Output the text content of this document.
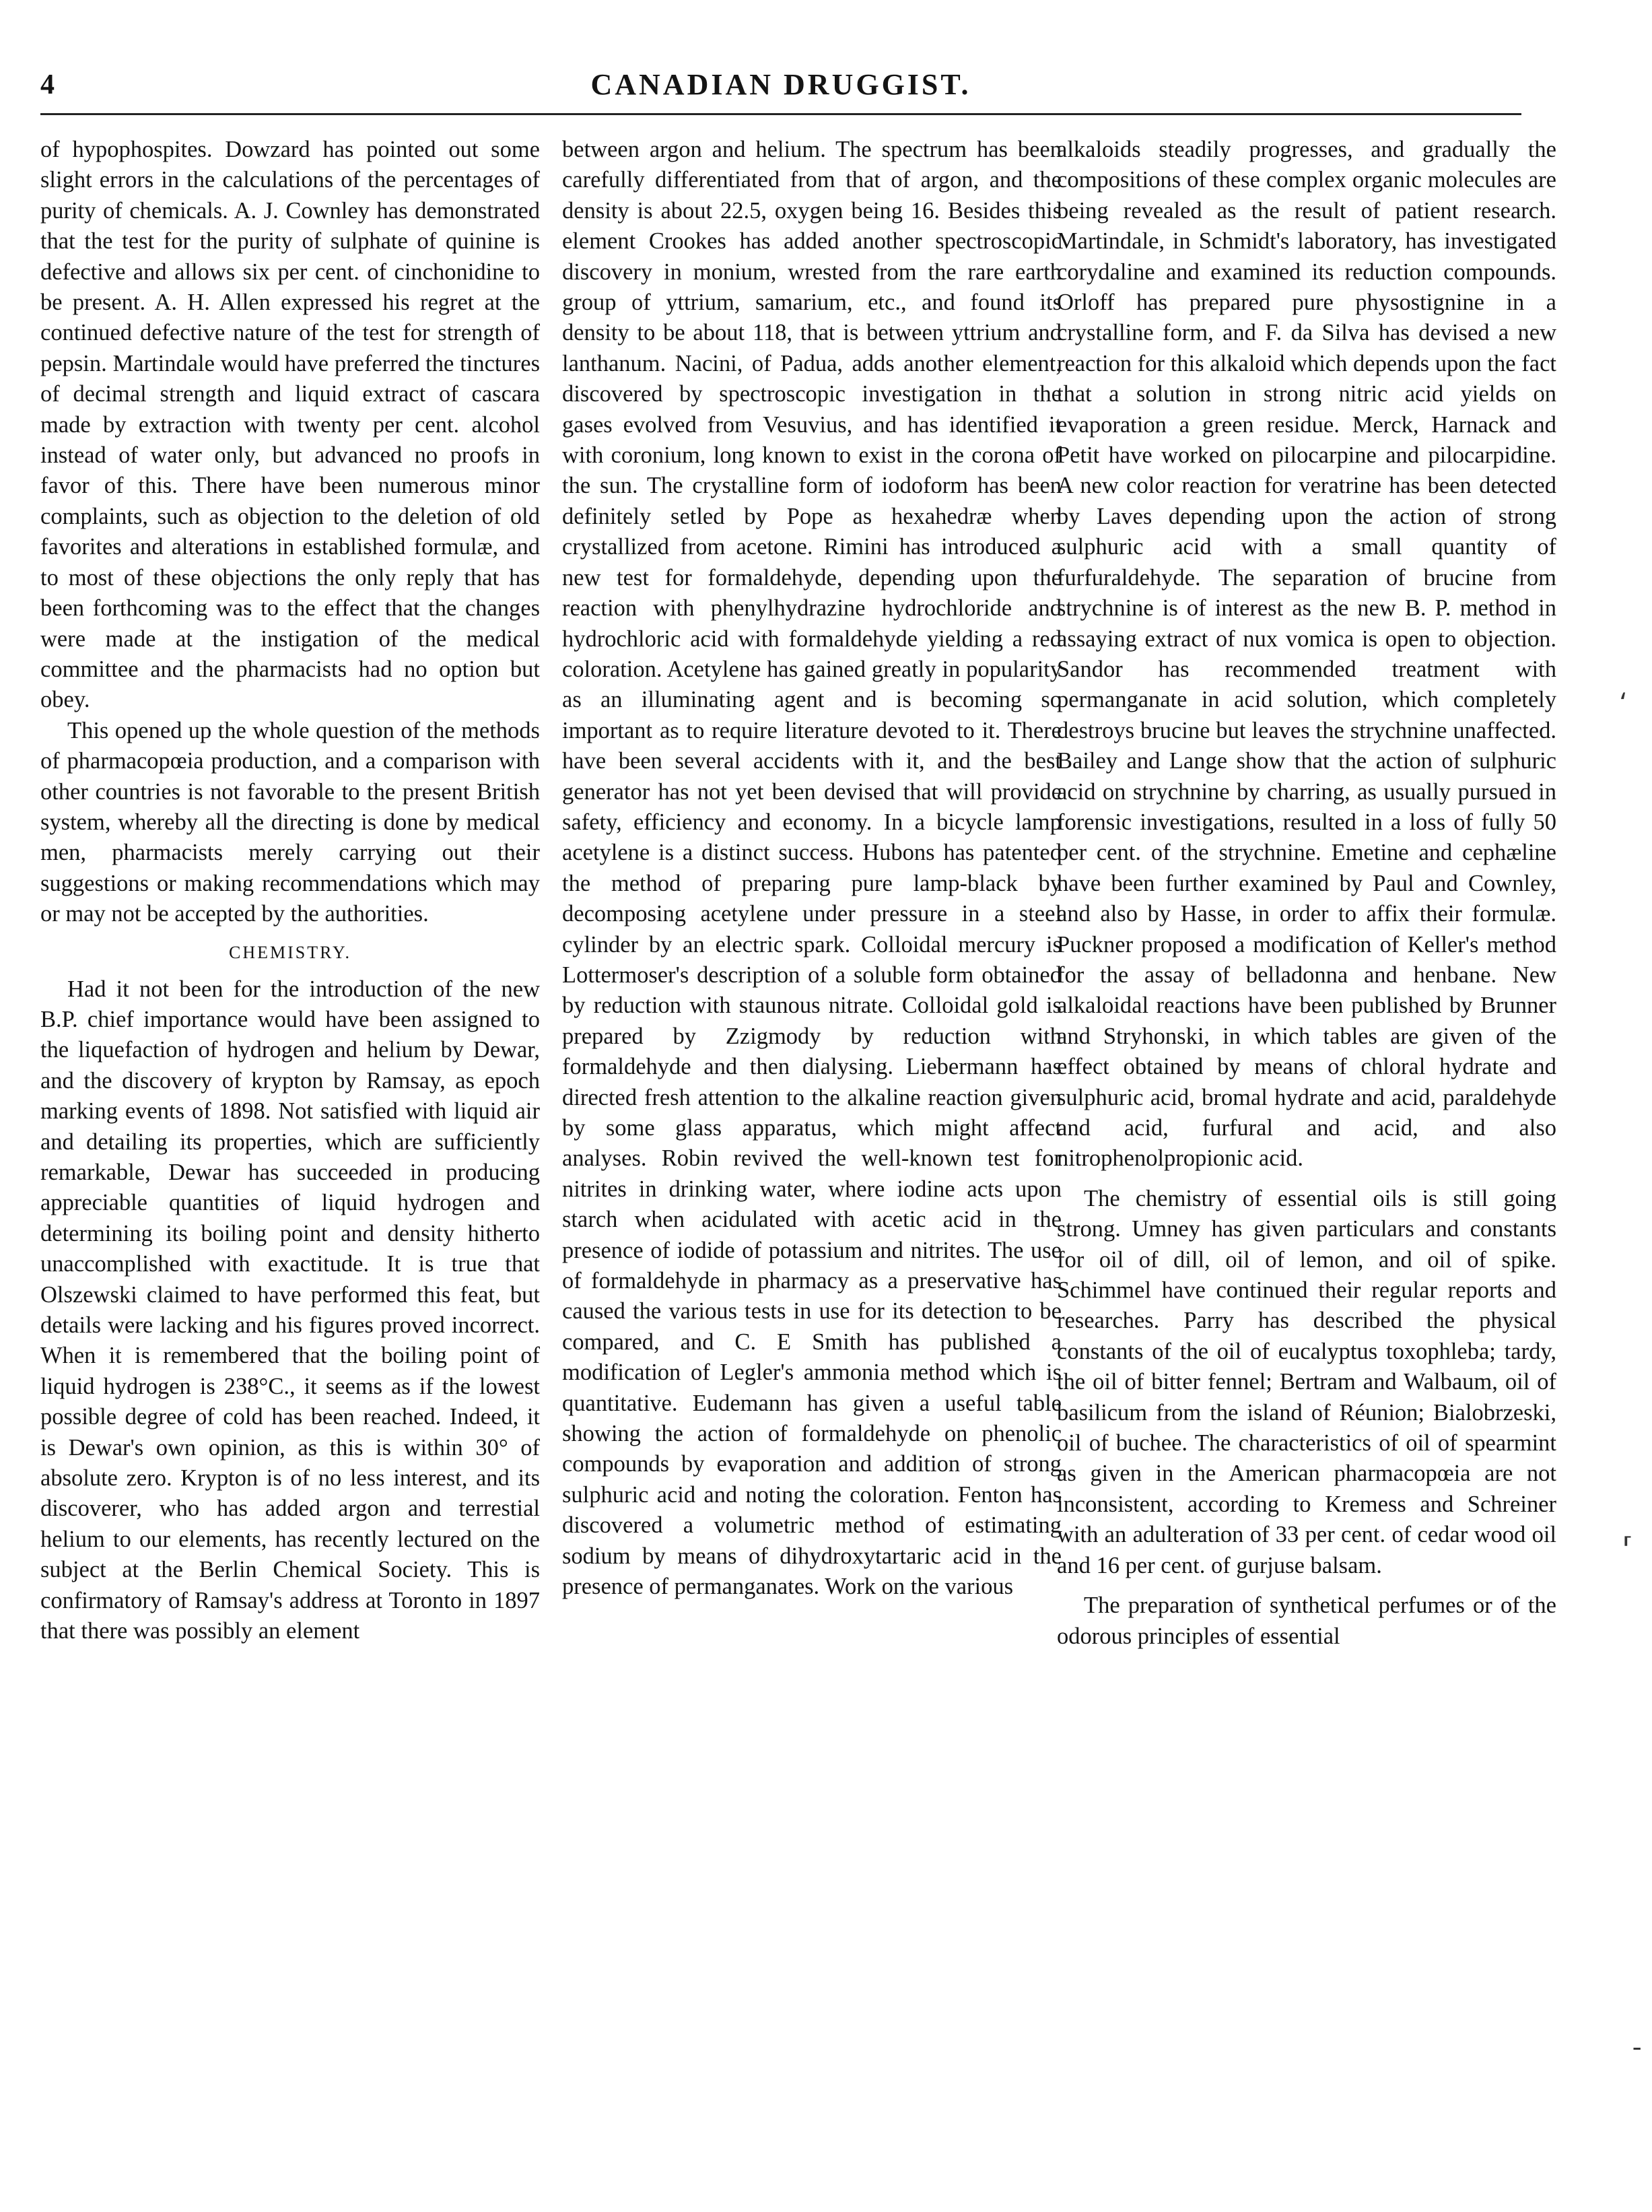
4	CANADIAN DRUGGIST.

of hypophospites. Dowzard has pointed out some slight errors in the calculations of the percentages of purity of chemicals. A. J. Cownley has demonstrated that the test for the purity of sulphate of quinine is defective and allows six per cent. of cinchonidine to be present. A. H. Allen expressed his regret at the continued defective nature of the test for strength of pepsin. Martindale would have preferred the tinctures of decimal strength and liquid extract of cascara made by extraction with twenty per cent. alcohol instead of water only, but advanced no proofs in favor of this. There have been numerous minor complaints, such as objection to the deletion of old favorites and alterations in established formulæ, and to most of these objections the only reply that has been forthcoming was to the effect that the changes were made at the instigation of the medical committee and the pharmacists had no option but obey.

This opened up the whole question of the methods of pharmacopœia production, and a comparison with other countries is not favorable to the present British system, whereby all the directing is done by medical men, pharmacists merely carrying out their suggestions or making recommendations which may or may not be accepted by the authorities.

CHEMISTRY.

Had it not been for the introduction of the new B.P. chief importance would have been assigned to the liquefaction of hydrogen and helium by Dewar, and the discovery of krypton by Ramsay, as epoch marking events of 1898. Not satisfied with liquid air and detailing its properties, which are sufficiently remarkable, Dewar has succeeded in producing appreciable quantities of liquid hydrogen and determining its boiling point and density hitherto unaccomplished with exactitude. It is true that Olszewski claimed to have performed this feat, but details were lacking and his figures proved incorrect. When it is remembered that the boiling point of liquid hydrogen is 238°C., it seems as if the lowest possible degree of cold has been reached. Indeed, it is Dewar's own opinion, as this is within 30° of absolute zero. Krypton is of no less interest, and its discoverer, who has added argon and terrestial helium to our elements, has recently lectured on the subject at the Berlin Chemical Society. This is confirmatory of Ramsay's address at Toronto in 1897 that there was possibly an element

between argon and helium. The spectrum has been carefully differentiated from that of argon, and the density is about 22.5, oxygen being 16. Besides this element Crookes has added another spectroscopic discovery in monium, wrested from the rare earth group of yttrium, samarium, etc., and found its density to be about 118, that is between yttrium and lanthanum. Nacini, of Padua, adds another element, discovered by spectroscopic investigation in the gases evolved from Vesuvius, and has identified it with coronium, long known to exist in the corona of the sun. The crystalline form of iodoform has been definitely setled by Pope as hexahedræ when crystallized from acetone. Rimini has introduced a new test for formaldehyde, depending upon the reaction with phenylhydrazine hydrochloride and hydrochloric acid with formaldehyde yielding a red coloration. Acetylene has gained greatly in popularity as an illuminating agent and is becoming so important as to require literature devoted to it. There have been several accidents with it, and the best generator has not yet been devised that will provide safety, efficiency and economy. In a bicycle lamp acetylene is a distinct success. Hubons has patented the method of preparing pure lamp-black by decomposing acetylene under pressure in a steel cylinder by an electric spark. Colloidal mercury is Lottermoser's description of a soluble form obtained by reduction with staunous nitrate. Colloidal gold is prepared by Zzigmody by reduction with formaldehyde and then dialysing. Liebermann has directed fresh attention to the alkaline reaction given by some glass apparatus, which might affect analyses. Robin revived the well-known test for nitrites in drinking water, where iodine acts upon starch when acidulated with acetic acid in the presence of iodide of potassium and nitrites. The use of formaldehyde in pharmacy as a preservative has caused the various tests in use for its detection to be compared, and C. E Smith has published a modification of Legler's ammonia method which is quantitative. Eudemann has given a useful table showing the action of formaldehyde on phenolic compounds by evaporation and addition of strong sulphuric acid and noting the coloration. Fenton has discovered a volumetric method of estimating sodium by means of dihydroxytartaric acid in the presence of permanganates. Work on the various

alkaloids steadily progresses, and gradually the compositions of these complex organic molecules are being revealed as the result of patient research. Martindale, in Schmidt's laboratory, has investigated corydaline and examined its reduction compounds. Orloff has prepared pure physostignine in a crystalline form, and F. da Silva has devised a new reaction for this alkaloid which depends upon the fact that a solution in strong nitric acid yields on evaporation a green residue. Merck, Harnack and Petit have worked on pilocarpine and pilocarpidine. A new color reaction for veratrine has been detected by Laves depending upon the action of strong sulphuric acid with a small quantity of furfuraldehyde. The separation of brucine from strychnine is of interest as the new B. P. method in assaying extract of nux vomica is open to objection. Sandor has recommended treatment with permanganate in acid solution, which completely destroys brucine but leaves the strychnine unaffected. Bailey and Lange show that the action of sulphuric acid on strychnine by charring, as usually pursued in forensic investigations, resulted in a loss of fully 50 per cent. of the strychnine. Emetine and cephæline have been further examined by Paul and Cownley, and also by Hasse, in order to affix their formulæ. Puckner proposed a modification of Keller's method for the assay of belladonna and henbane. New alkaloidal reactions have been published by Brunner and Stryhonski, in which tables are given of the effect obtained by means of chloral hydrate and sulphuric acid, bromal hydrate and acid, paraldehyde and acid, furfural and acid, and also nitrophenolpropionic acid.

The chemistry of essential oils is still going strong. Umney has given particulars and constants for oil of dill, oil of lemon, and oil of spike. Schimmel have continued their regular reports and researches. Parry has described the physical constants of the oil of eucalyptus toxophleba; tardy, the oil of bitter fennel; Bertram and Walbaum, oil of basilicum from the island of Réunion; Bialobrzeski, oil of buchee. The characteristics of oil of spearmint as given in the American pharmacopœia are not inconsistent, according to Kremess and Schreiner with an adulteration of 33 per cent. of cedar wood oil and 16 per cent. of gurjuse balsam.

The preparation of synthetical perfumes or of the odorous principles of essential

⸲
⸢
‐
